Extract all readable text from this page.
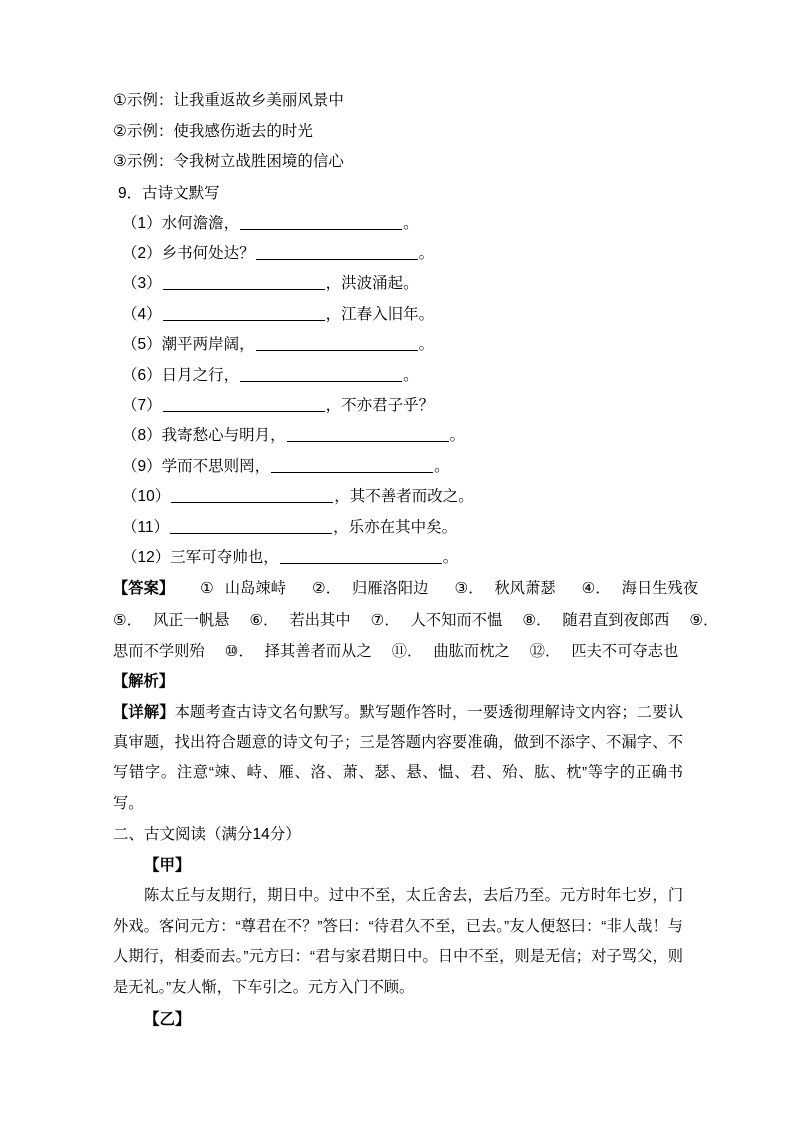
①示例：让我重返故乡美丽风景中
②示例：使我感伤逝去的时光
③示例：令我树立战胜困境的信心
9．古诗文默写
（1）水何澹澹，	。
（2）乡书何处达？	。
（3）	，洪波涌起。
（4）	，江春入旧年。
（5）潮平两岸阔，	。
（6）日月之行，	。
（7）	，不亦君子乎？
（8）我寄愁心与明月，	。
（9）学而不思则罔，	。
（10）	，其不善者而改之。
（11）	，乐亦在其中矣。
（12）三军可夺帅也，	。
【答案】 ① 山岛竦峙 ②． 归雁洛阳边 ③． 秋风萧瑟 ④． 海日生残夜
⑤． 风正一帆悬 ⑥． 若出其中 ⑦． 人不知而不愠 ⑧． 随君直到夜郎西 ⑨．
思而不学则殆 ⑩． 择其善者而从之 ⑪． 曲肱而枕之 ⑫． 匹夫不可夺志也
【解析】
【详解】本题考查古诗文名句默写。默写题作答时，一要透彻理解诗文内容；二要认真审题，找出符合题意的诗文句子；三是答题内容要准确，做到不添字、不漏字、不写错字。注意“竦、峙、雁、洛、萧、瑟、悬、愠、君、殆、肱、枕”等字的正确书写。
二、古文阅读（满分14分）
【甲】
陈太丘与友期行，期日中。过中不至，太丘舍去，去后乃至。元方时年七岁，门外戏。客问元方：“尊君在不？”答曰：“待君久不至，已去。”友人便怒曰：“非人哉！与人期行，相委而去。”元方曰：“君与家君期日中。日中不至，则是无信；对子骂父，则是无礼。”友人惭，下车引之。元方入门不顾。
【乙】
